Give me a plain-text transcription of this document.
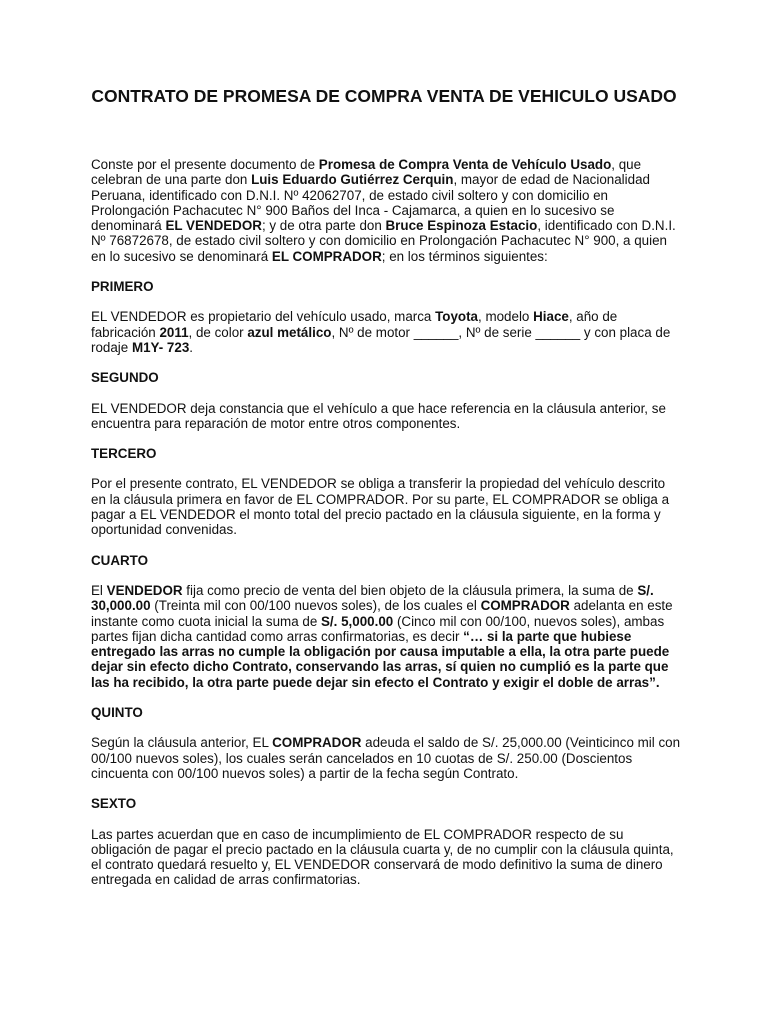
CONTRATO DE PROMESA DE COMPRA VENTA DE VEHICULO USADO

Conste por el presente documento de Promesa de Compra Venta de Vehículo Usado, que celebran de una parte don Luis Eduardo Gutiérrez Cerquin, mayor de edad de Nacionalidad Peruana, identificado con D.N.I. Nº 42062707, de estado civil soltero y con domicilio en Prolongación Pachacutec N° 900 Baños del Inca - Cajamarca, a quien en lo sucesivo se denominará EL VENDEDOR; y de otra parte don Bruce Espinoza Estacio, identificado con D.N.I. Nº 76872678, de estado civil soltero y con domicilio en Prolongación Pachacutec N° 900, a quien en lo sucesivo se denominará EL COMPRADOR; en los términos siguientes:

PRIMERO

EL VENDEDOR es propietario del vehículo usado, marca Toyota, modelo Hiace, año de fabricación 2011, de color azul metálico, Nº de motor ______, Nº de serie ______ y con placa de rodaje M1Y- 723.

SEGUNDO

EL VENDEDOR deja constancia que el vehículo a que hace referencia en la cláusula anterior, se encuentra para reparación de motor entre otros componentes.

TERCERO

Por el presente contrato, EL VENDEDOR se obliga a transferir la propiedad del vehículo descrito en la cláusula primera en favor de EL COMPRADOR. Por su parte, EL COMPRADOR se obliga a pagar a EL VENDEDOR el monto total del precio pactado en la cláusula siguiente, en la forma y oportunidad convenidas.

CUARTO

El VENDEDOR fija como precio de venta del bien objeto de la cláusula primera, la suma de S/. 30,000.00 (Treinta mil con 00/100 nuevos soles), de los cuales el COMPRADOR adelanta en este instante como cuota inicial la suma de S/. 5,000.00 (Cinco mil con 00/100, nuevos soles), ambas partes fijan dicha cantidad como arras confirmatorias, es decir “… si la parte que hubiese entregado las arras no cumple la obligación por causa imputable a ella, la otra parte puede dejar sin efecto dicho Contrato, conservando las arras, sí quien no cumplió es la parte que las ha recibido, la otra parte puede dejar sin efecto el Contrato y exigir el doble de arras”.

QUINTO

Según la cláusula anterior, EL COMPRADOR adeuda el saldo de S/. 25,000.00 (Veinticinco mil con 00/100 nuevos soles), los cuales serán cancelados en 10 cuotas de S/. 250.00 (Doscientos cincuenta con 00/100 nuevos soles) a partir de la fecha según Contrato.

SEXTO

Las partes acuerdan que en caso de incumplimiento de EL COMPRADOR respecto de su obligación de pagar el precio pactado en la cláusula cuarta y, de no cumplir con la cláusula quinta, el contrato quedará resuelto y, EL VENDEDOR conservará de modo definitivo la suma de dinero entregada en calidad de arras confirmatorias.
